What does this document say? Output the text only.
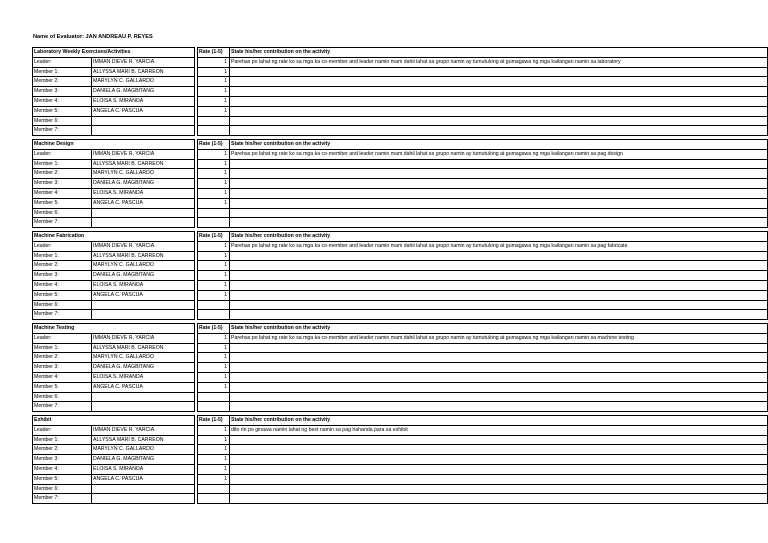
Name of Evaluator: JAN ANDREAU P. REYES
Laboratory Weekly Exercises/Activities			Rate (1-5)	State his/her contribution on the activity
Leader:	IMMAN DIEVE R. YARCIA		1	Parehas po lahat ng rate ko sa mga ka co-member and leader namin mam dahil lahat sa grupo namin ay tumutulong at gumagawa ng mga kailangan namin sa laboratory
Member 1:	ALLYSSA MARI B. CARREON		1	
Member 2:	MARYLYN C. GALLARDO		1	
Member 3:	DANIELA G. MAGBITANG		1	
Member 4:	ELOISA S. MIRANDA		1	
Member 5:	ANGELA C. PASCUA		1	
Member 6:				
Member 7:				
Machine Design			Rate (1-5)	State his/her contribution on the activity
Leader:	IMMAN DIEVE R. YARCIA		1	Parehas po lahat ng rate ko sa mga ka co-member and leader namin mam dahil lahat sa grupo namin ay tumutulong at gumagawa ng mga kailangan namin sa pag design
Member 1:	ALLYSSA MARI B. CARREON		1	
Member 2:	MARYLYN C. GALLARDO		1	
Member 3:	DANIELA G. MAGBITANG		1	
Member 4:	ELOISA S. MIRANDA		1	
Member 5:	ANGELA C. PASCUA		1	
Member 6:				
Member 7:				
Machine Fabrication			Rate (1-5)	State his/her contribution on the activity
Leader:	IMMAN DIEVE R. YARCIA		1	Parehas po lahat ng rate ko sa mga ka co-member and leader namin mam dahil lahat sa grupo namin ay tumutulong at gumagawa ng mga kailangan namin sa pag fabricate
Member 1:	ALLYSSA MARI B. CARREON		1	
Member 2:	MARYLYN C. GALLARDO		1	
Member 3:	DANIELA G. MAGBITANG		1	
Member 4:	ELOISA S. MIRANDA		1	
Member 5:	ANGELA C. PASCUA		1	
Member 6:				
Member 7:				
Machine Testing			Rate (1-5)	State his/her contribution on the activity
Leader:	IMMAN DIEVE R. YARCIA		1	Parehas po lahat ng rate ko sa mga ka co-member and leader namin mam dahil lahat sa grupo namin ay tumutulong at gumagawa ng mga kailangan namin sa machine testing
Member 1:	ALLYSSA MARI B. CARREON		1	
Member 2:	MARYLYN C. GALLARDO		1	
Member 3:	DANIELA G. MAGBITANG		1	
Member 4:	ELOISA S. MIRANDA		1	
Member 5:	ANGELA C. PASCUA		1	
Member 6:				
Member 7:				
Exhibit			Rate (1-5)	State his/her contribution on the activity
Leader:	IMMAN DIEVE R. YARCIA		1	dito rin po ginawa namin lahat ng best namin sa pag hahanda para sa exhibit
Member 1:	ALLYSSA MARI B. CARREON		1	
Member 2:	MARYLYN C. GALLARDO		1	
Member 3:	DANIELA G. MAGBITANG		1	
Member 4:	ELOISA S. MIRANDA		1	
Member 5:	ANGELA C. PASCUA		1	
Member 6:				
Member 7:				
